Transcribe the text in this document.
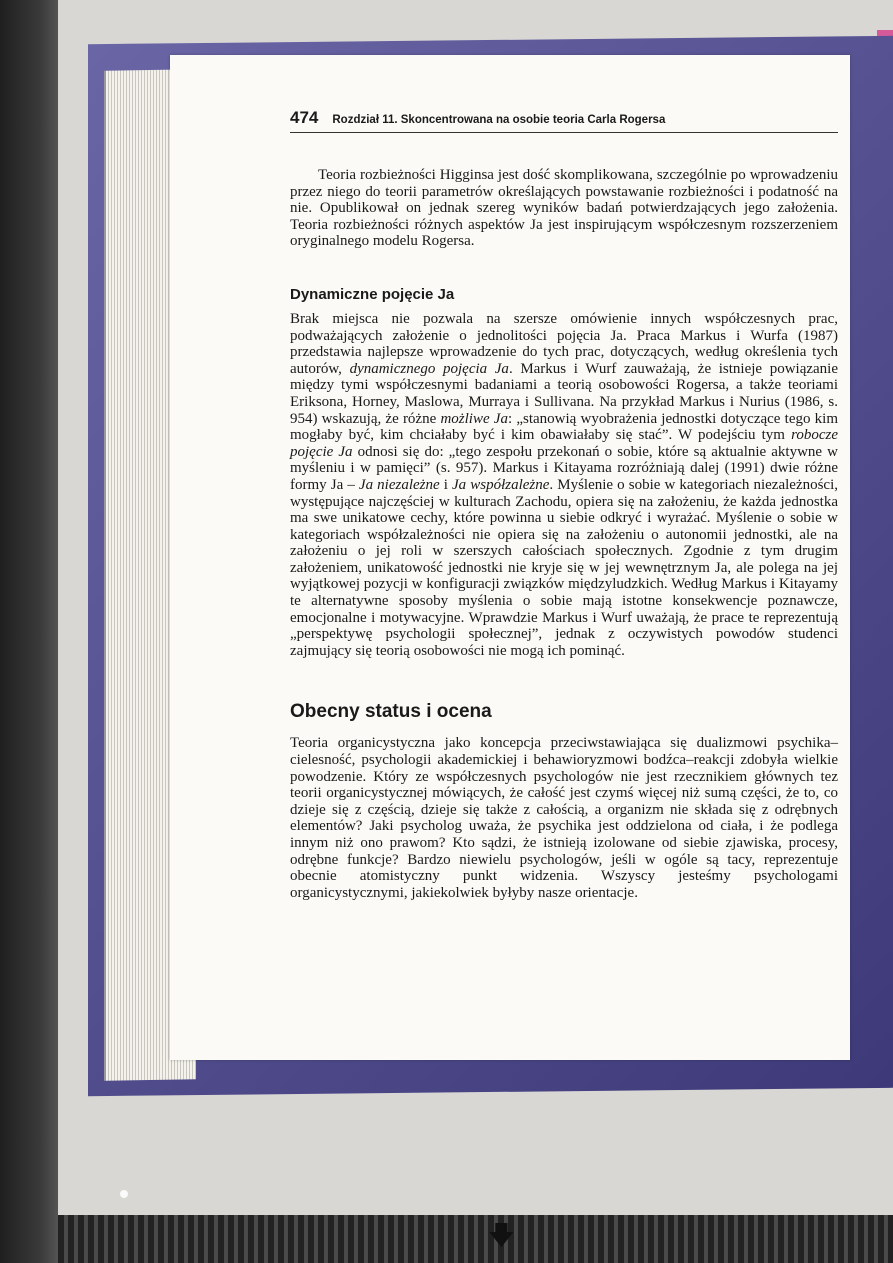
474 Rozdział 11. Skoncentrowana na osobie teoria Carla Rogersa

Teoria rozbieżności Higginsa jest dość skomplikowana, szczególnie po wprowadzeniu przez niego do teorii parametrów określających powstawanie rozbieżności i podatność na nie. Opublikował on jednak szereg wyników badań potwierdzających jego założenia. Teoria rozbieżności różnych aspektów Ja jest inspirującym współczesnym rozszerzeniem oryginalnego modelu Rogersa.

Dynamiczne pojęcie Ja

Brak miejsca nie pozwala na szersze omówienie innych współczesnych prac, podważających założenie o jednolitości pojęcia Ja. Praca Markus i Wurfa (1987) przedstawia najlepsze wprowadzenie do tych prac, dotyczących, według określenia tych autorów, dynamicznego pojęcia Ja. Markus i Wurf zauważają, że istnieje powiązanie między tymi współczesnymi badaniami a teorią osobowości Rogersa, a także teoriami Eriksona, Horney, Maslowa, Murraya i Sullivana. Na przykład Markus i Nurius (1986, s. 954) wskazują, że różne możliwe Ja: „stanowią wyobrażenia jednostki dotyczące tego kim mogłaby być, kim chciałaby być i kim obawiałaby się stać”. W podejściu tym robocze pojęcie Ja odnosi się do: „tego zespołu przekonań o sobie, które są aktualnie aktywne w myśleniu i w pamięci” (s. 957). Markus i Kitayama rozróżniają dalej (1991) dwie różne formy Ja – Ja niezależne i Ja współzależne. Myślenie o sobie w kategoriach niezależności, występujące najczęściej w kulturach Zachodu, opiera się na założeniu, że każda jednostka ma swe unikatowe cechy, które powinna u siebie odkryć i wyrażać. Myślenie o sobie w kategoriach współzależności nie opiera się na założeniu o autonomii jednostki, ale na założeniu o jej roli w szerszych całościach społecznych. Zgodnie z tym drugim założeniem, unikatowość jednostki nie kryje się w jej wewnętrznym Ja, ale polega na jej wyjątkowej pozycji w konfiguracji związków międzyludzkich. Według Markus i Kitayamy te alternatywne sposoby myślenia o sobie mają istotne konsekwencje poznawcze, emocjonalne i motywacyjne. Wprawdzie Markus i Wurf uważają, że prace te reprezentują „perspektywę psychologii społecznej”, jednak z oczywistych powodów studenci zajmujący się teorią osobowości nie mogą ich pominąć.

Obecny status i ocena

Teoria organicystyczna jako koncepcja przeciwstawiająca się dualizmowi psychika–cielesność, psychologii akademickiej i behawioryzmowi bodźca–reakcji zdobyła wielkie powodzenie. Który ze współczesnych psychologów nie jest rzecznikiem głównych tez teorii organicystycznej mówiących, że całość jest czymś więcej niż sumą części, że to, co dzieje się z częścią, dzieje się także z całością, a organizm nie składa się z odrębnych elementów? Jaki psycholog uważa, że psychika jest oddzielona od ciała, i że podlega innym niż ono prawom? Kto sądzi, że istnieją izolowane od siebie zjawiska, procesy, odrębne funkcje? Bardzo niewielu psychologów, jeśli w ogóle są tacy, reprezentuje obecnie atomistyczny punkt widzenia. Wszyscy jesteśmy psychologami organicystycznymi, jakiekolwiek byłyby nasze orientacje.

🡇
